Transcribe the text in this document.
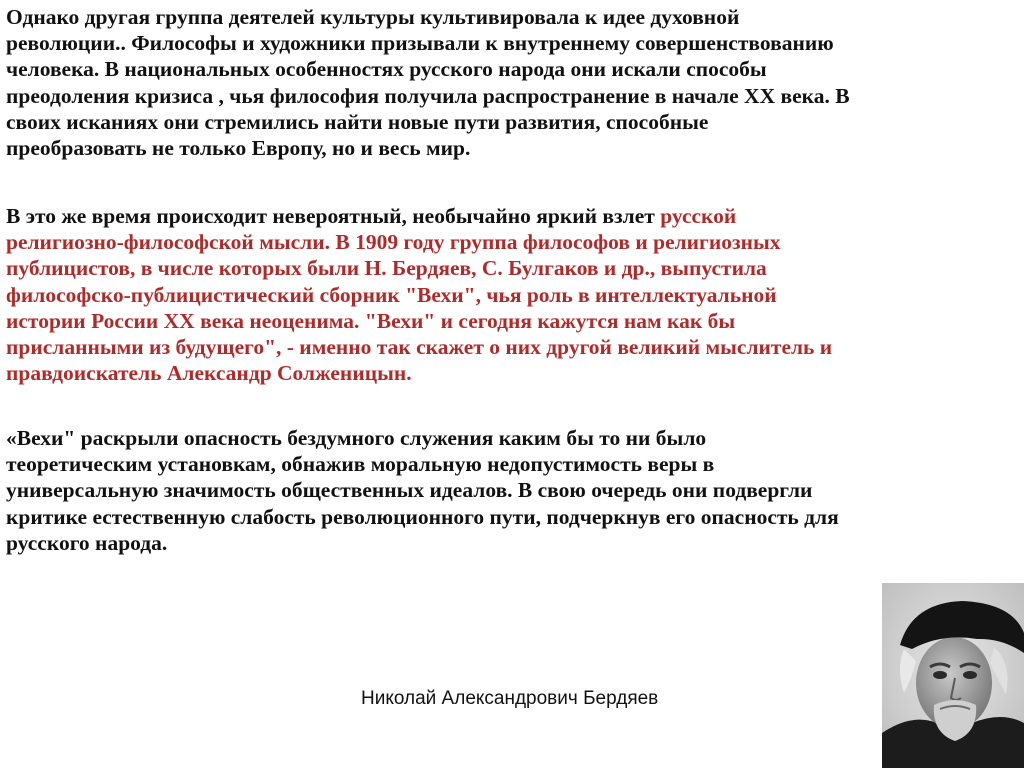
Однако другая группа деятелей культуры культивировала к идее духовной
революции.. Философы и художники призывали к внутреннему совершенствованию
человека. В национальных особенностях русского народа они искали способы
преодоления кризиса , чья философия получила распространение в начале XX века. В
своих исканиях они стремились найти новые пути развития, способные
преобразовать не только Европу, но и весь мир.

В это же время происходит невероятный, необычайно яркий взлет русской
религиозно-философской мысли. В 1909 году группа философов и религиозных
публицистов, в числе которых были Н. Бердяев, С. Булгаков и др., выпустила
философско-публицистический сборник "Вехи", чья роль в интеллектуальной
истории России XX века неоценима. "Вехи" и сегодня кажутся нам как бы
присланными из будущего", - именно так скажет о них другой великий мыслитель и
правдоискатель Александр Солженицын.

«Вехи" раскрыли опасность бездумного служения каким бы то ни было
теоретическим установкам, обнажив моральную недопустимость веры в
универсальную значимость общественных идеалов. В свою очередь они подвергли
критике естественную слабость революционного пути, подчеркнув его опасность для
русского народа.

Николай Александрович Бердяев
